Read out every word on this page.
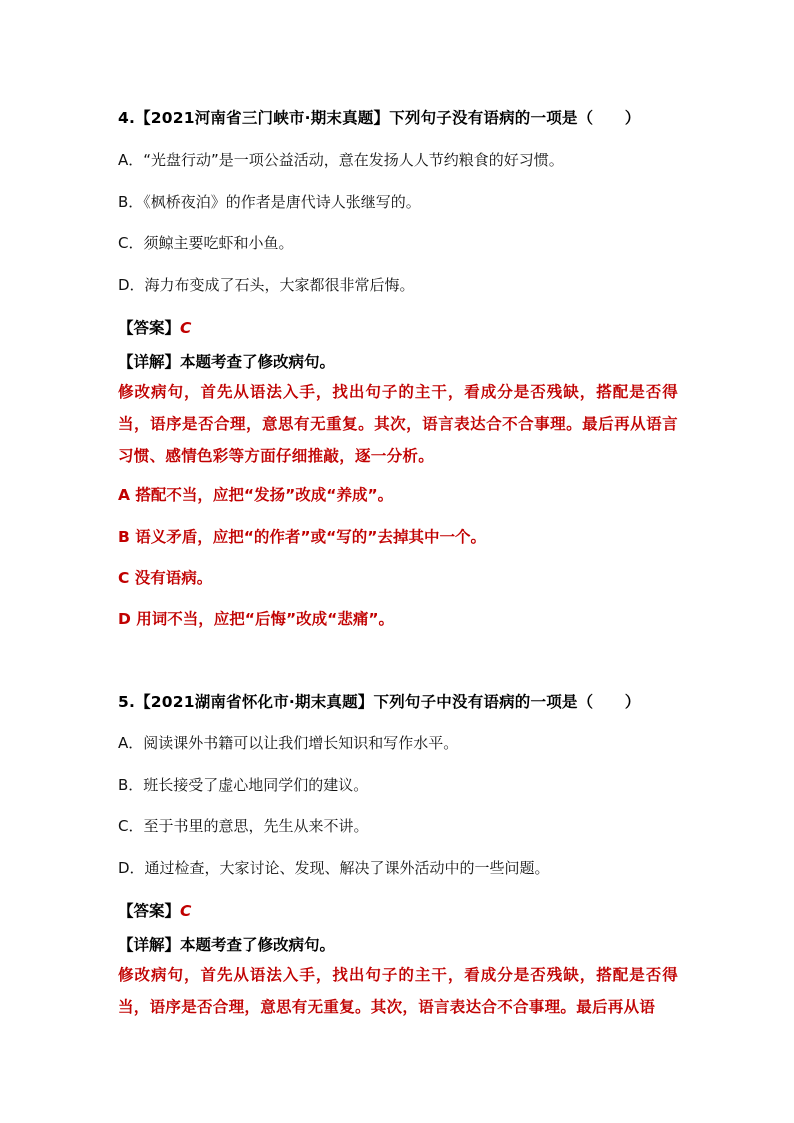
4.【2021河南省三门峡市·期末真题】下列句子没有语病的一项是（　　）
A．“光盘行动”是一项公益活动，意在发扬人人节约粮食的好习惯。
B．《枫桥夜泊》的作者是唐代诗人张继写的。
C．须鲸主要吃虾和小鱼。
D．海力布变成了石头，大家都很非常后悔。
【答案】C
【详解】本题考查了修改病句。
修改病句，首先从语法入手，找出句子的主干，看成分是否残缺，搭配是否得当，语序是否合理，意思有无重复。其次，语言表达合不合事理。最后再从语言习惯、感情色彩等方面仔细推敲，逐一分析。
A 搭配不当，应把“发扬”改成“养成”。
B 语义矛盾，应把“的作者”或“写的”去掉其中一个。
C 没有语病。
D 用词不当，应把“后悔”改成“悲痛”。
5.【2021湖南省怀化市·期末真题】下列句子中没有语病的一项是（　　）
A．阅读课外书籍可以让我们增长知识和写作水平。
B．班长接受了虚心地同学们的建议。
C．至于书里的意思，先生从来不讲。
D．通过检查，大家讨论、发现、解决了课外活动中的一些问题。
【答案】C
【详解】本题考查了修改病句。
修改病句，首先从语法入手，找出句子的主干，看成分是否残缺，搭配是否得当，语序是否合理，意思有无重复。其次，语言表达合不合事理。最后再从语
